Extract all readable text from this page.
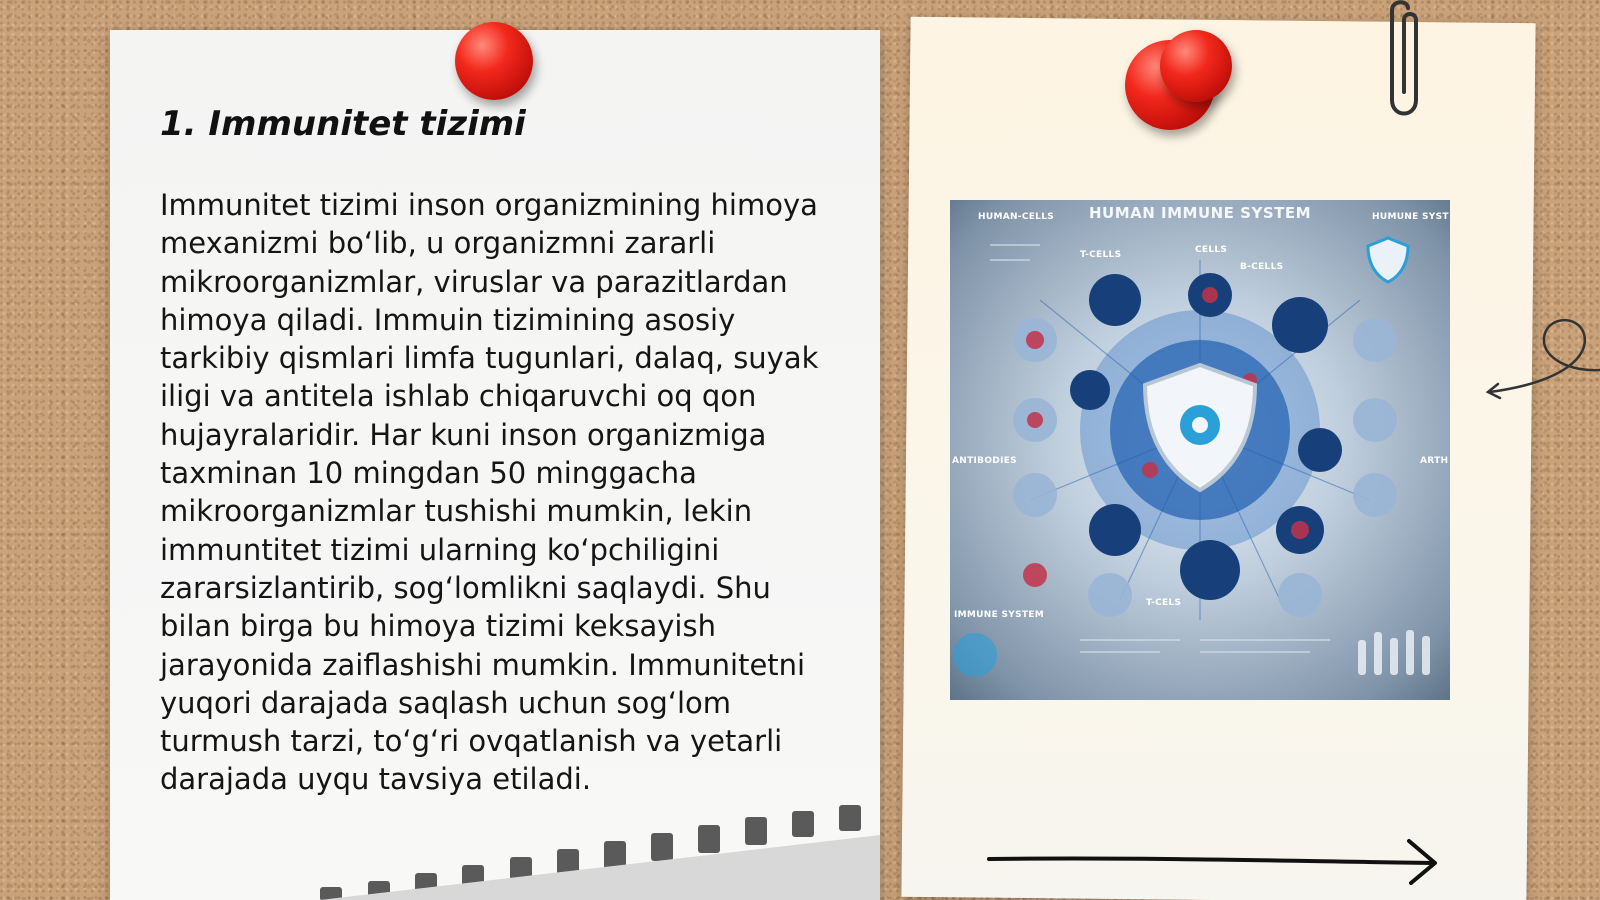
1. Immunitet tizimi
Immunitet tizimi inson organizmining himoya mexanizmi bo‘lib, u organizmni zararli mikroorganizmlar, viruslar va parazitlardan himoya qiladi. Immuin tizimining asosiy tarkibiy qismlari limfa tugunlari, dalaq, suyak iligi va antitela ishlab chiqaruvchi oq qon hujayralaridir. Har kuni inson organizmiga taxminan 10 mingdan 50 minggacha mikroorganizmlar tushishi mumkin, lekin immuntitet tizimi ularning ko‘pchiligini zararsizlantirib, sog‘lomlikni saqlaydi. Shu bilan birga bu himoya tizimi keksayish jarayonida zaiflashishi mumkin. Immunitetni yuqori darajada saqlash uchun sog‘lom turmush tarzi, to‘g‘ri ovqatlanish va yetarli darajada uyqu tavsiya etiladi.
HUMAN IMMUNE SYSTEM
HUMAN-CELLS	HUMUNE SYST
T-CELLS	CELLS
B-CELLS
ANTIBODIES	ARTH
T-CELS
IMMUNE SYSTEM
